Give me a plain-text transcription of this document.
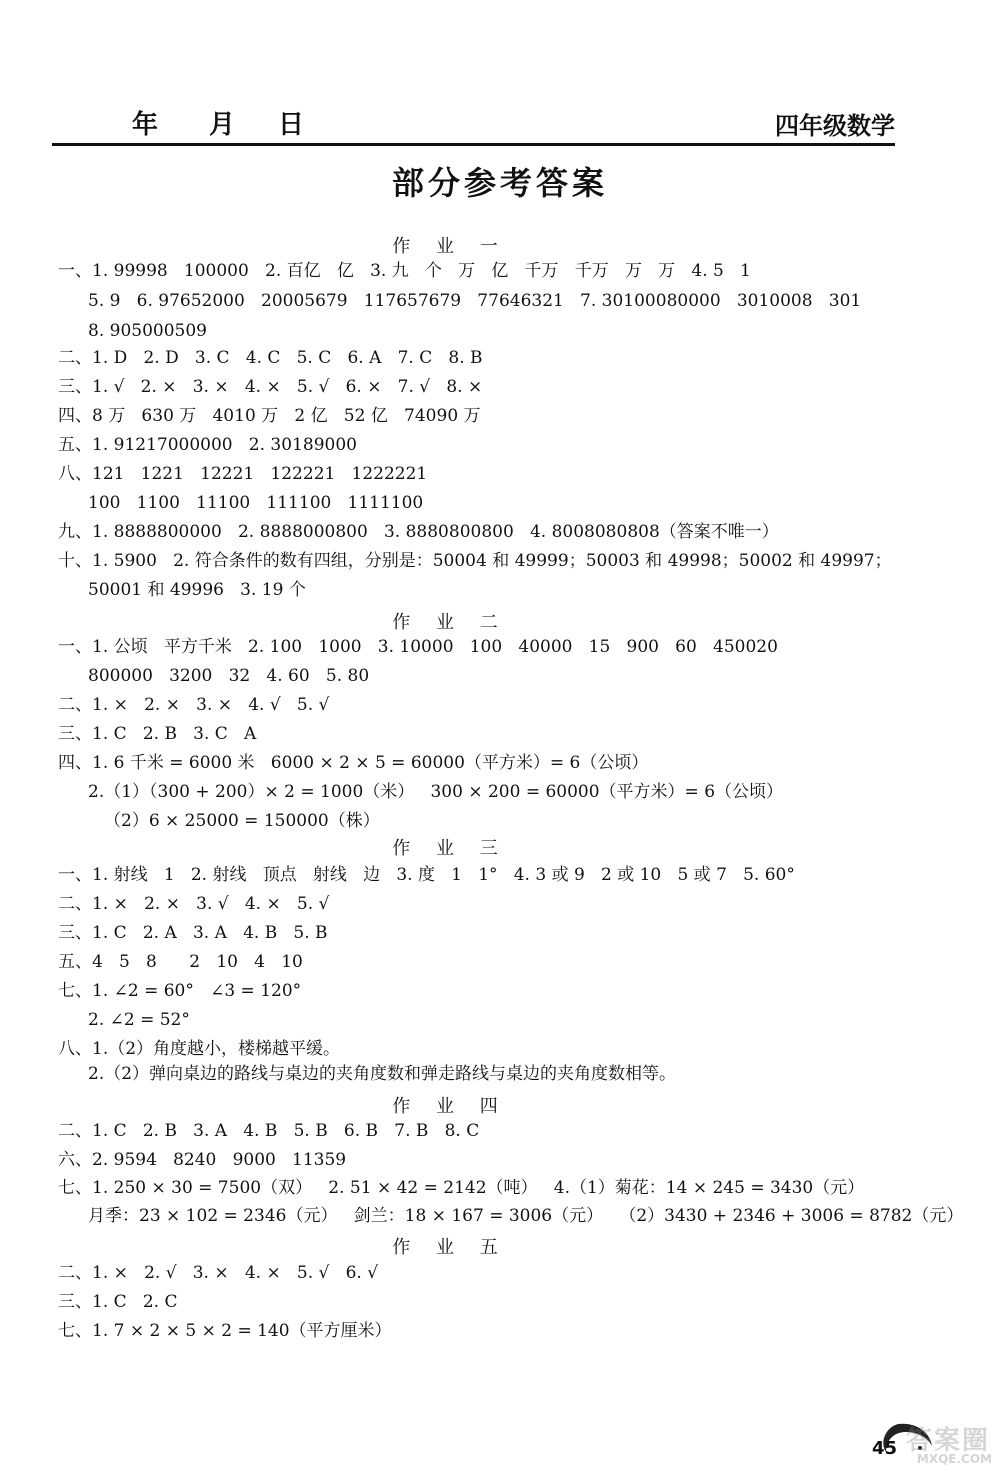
年 月 日	四年级数学
部分参考答案
作 业 一
作 业 二
作 业 三
作 业 四
作 业 五
一、1. 99998   100000   2. 百亿   亿   3. 九   个   万   亿   千万   千万   万   万   4. 5   1
5. 9   6. 97652000   20005679   117657679   77646321   7. 30100080000   3010008   301
8. 905000509
二、1. D   2. D   3. C   4. C   5. C   6. A   7. C   8. B
三、1. √   2. ×   3. ×   4. ×   5. √   6. ×   7. √   8. ×
四、8 万   630 万   4010 万   2 亿   52 亿   74090 万
五、1. 91217000000   2. 30189000
八、121   1221   12221   122221   1222221
100   1100   11100   111100   1111100
九、1. 8888800000   2. 8888000800   3. 8880800800   4. 8008080808（答案不唯一）
十、1. 5900   2. 符合条件的数有四组，分别是：50004 和 49999；50003 和 49998；50002 和 49997；
50001 和 49996   3. 19 个
一、1. 公顷   平方千米   2. 100   1000   3. 10000   100   40000   15   900   60   450020
800000   3200   32   4. 60   5. 80
二、1. ×   2. ×   3. ×   4. √   5. √
三、1. C   2. B   3. C   A
四、1. 6 千米 = 6000 米   6000 × 2 × 5 = 60000（平方米）= 6（公顷）
2.（1）（300 + 200）× 2 = 1000（米）   300 × 200 = 60000（平方米）= 6（公顷）
（2）6 × 25000 = 150000（株）
一、1. 射线   1   2. 射线   顶点   射线   边   3. 度   1   1°   4. 3 或 9   2 或 10   5 或 7   5. 60°
二、1. ×   2. ×   3. √   4. ×   5. √
三、1. C   2. A   3. A   4. B   5. B
五、4   5   8      2   10   4   10
七、1. ∠2 = 60°   ∠3 = 120°
2. ∠2 = 52°
八、1.（2）角度越小，楼梯越平缓。
2.（2）弹向桌边的路线与桌边的夹角度数和弹走路线与桌边的夹角度数相等。
二、1. C   2. B   3. A   4. B   5. B   6. B   7. B   8. C
六、2. 9594   8240   9000   11359
七、1. 250 × 30 = 7500（双）   2. 51 × 42 = 2142（吨）   4.（1）菊花：14 × 245 = 3430（元）
月季：23 × 102 = 2346（元）   剑兰：18 × 167 = 3006（元）   （2）3430 + 2346 + 3006 = 8782（元）
二、1. ×   2. √   3. ×   4. ×   5. √   6. √
三、1. C   2. C
七、1. 7 × 2 × 5 × 2 = 140（平方厘米）
45 答案圈
MXQE.COM
